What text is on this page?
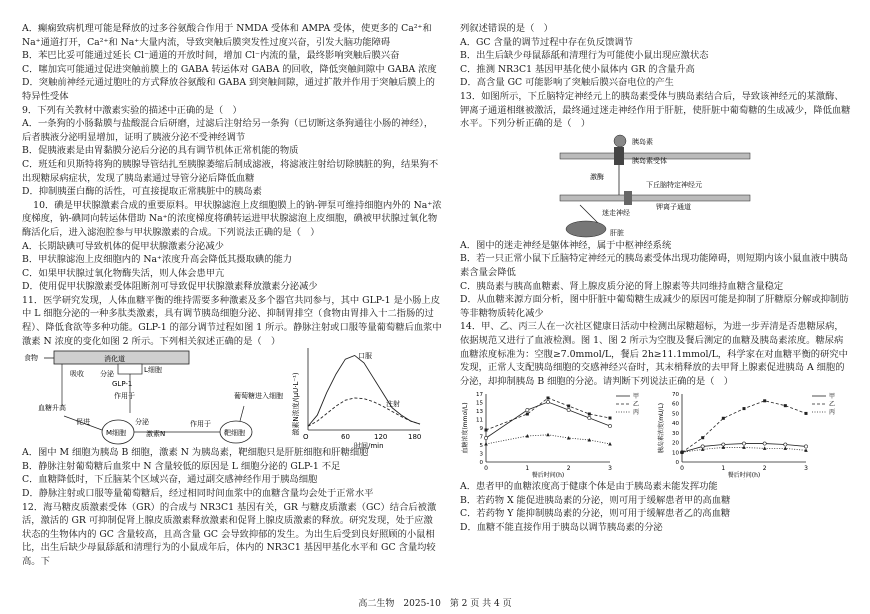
A．癫痫致病机理可能是释放的过多谷氨酸合作用于 NMDA 受体和 AMPA 受体，使更多的 Ca²⁺和 Na⁺通道打开，Ca²⁺和 Na⁺大量内流，导致突触后膜突发性过度兴奋，引发大脑功能障碍

B．苯巴比妥可能通过延长 Cl⁻通道的开放时间，增加 Cl⁻内流的量，最终影响突触后膜兴奋

C．噻加宾可能通过促进突触前膜上的 GABA 转运体对 GABA 的回收，降低突触间隙中 GABA 浓度

D．突触前神经元通过胞吐的方式释放谷氨酸和 GABA 到突触间隙，通过扩散并作用于突触后膜上的特异性受体

9．下列有关教材中激素实验的描述中正确的是（　）

A．一条狗的小肠黏膜与盐酸混合后研磨，过滤后注射给另一条狗（已切断这条狗通往小肠的神经），后者胰液分泌明显增加，证明了胰液分泌不受神经调节

B．促胰液素是由胃黏膜分泌后分泌的具有调节机体正常机能的物质

C．班廷和贝斯特将狗的胰腺导管结扎至胰腺萎缩后制成滤液，将滤液注射给切除胰脏的狗，结果狗不出现糖尿病症状，发现了胰岛素通过导管分泌后降低血糖

D．抑制胰蛋白酶的活性，可直接提取正常胰脏中的胰岛素

10．碘是甲状腺激素合成的重要原料。甲状腺滤泡上皮细胞膜上的钠-钾泵可维持细胞内外的 Na⁺浓度梯度，钠-碘同向转运体借助 Na⁺的浓度梯度将碘转运进甲状腺滤泡上皮细胞，碘被甲状腺过氧化物酶活化后，进入滤泡腔参与甲状腺激素的合成。下列说法正确的是（　）

A．长期缺碘可导致机体的促甲状腺激素分泌减少

B．甲状腺滤泡上皮细胞内的 Na⁺浓度升高会降低其摄取碘的能力

C．如果甲状腺过氧化物酶失活，则人体会患甲亢

D．使用促甲状腺激素受体阻断剂可导致促甲状腺激素释放激素分泌减少

11．医学研究发现，人体血糖平衡的维持需要多种激素及多个器官共同参与，其中 GLP-1 是小肠上皮中 L 细胞分泌的一种多肽类激素，具有调节胰岛细胞分泌、抑制胃排空（食物由胃排入十二指肠的过程）、降低食欲等多种功能。GLP-1 的部分调节过程如图 1 所示。静脉注射或口服等量葡萄糖后血浆中激素 N 浓度的变化如图 2 所示。下列相关叙述正确的是（　）

食物	消化道
L细胞
吸收 分泌
GLP-1
作用于
血糖升高
促进
M细胞
分泌
激素N
作用于
靶细胞
葡萄糖进入细胞 激素N浓度/(μU·L⁻¹)
口服
注射
O	60	120	180
时间/min

A．图中 M 细胞为胰岛 B 细胞，激素 N 为胰岛素，靶细胞只是肝脏细胞和肝糖细胞

B．静脉注射葡萄糖后血浆中 N 含量较低的原因是 L 细胞分泌的 GLP-1 不足

C．血糖降低时，下丘脑某个区域兴奋，通过副交感神经作用于胰岛细胞

D．静脉注射或口服等量葡萄糖后，经过相同时间血浆中的血糖含量均会处于正常水平

12．海马糖皮质激素受体（GR）的合成与 NR3C1 基因有关，GR 与糖皮质激素（GC）结合后被激活，激活的 GR 可抑制促肾上腺皮质激素释放激素和促肾上腺皮质激素的释放。研究发现，处于应激状态的生物体内的 GC 含量较高，且高含量 GC 会导致抑郁的发生。为出生后受到良好照顾的小鼠相比，出生后缺少母鼠舔舐和清理行为的小鼠成年后，体内的 NR3C1 基因甲基化水平和 GC 含量均较高。下

列叙述错误的是（　）

A．GC 含量的调节过程中存在负反馈调节

B．出生后缺少母鼠舔舐和清理行为可能使小鼠出现应激状态

C．推测 NR3C1 基因甲基化使小鼠体内 GR 的含量升高

D．高含量 GC 可能影响了突触后膜兴奋电位的产生

13．如图所示，下丘脑特定神经元上的胰岛素受体与胰岛素结合后，导致该神经元的某激酶、钾离子通道相继被激活，最终通过迷走神经作用于肝脏，使肝脏中葡萄糖的生成减少，降低血糖水平。下列分析正确的是（　）

胰岛素
胰岛素受体
激酶
下丘脑特定神经元
钾离子通道
迷走神经
肝脏

A．图中的迷走神经是躯体神经，属于中枢神经系统

B．若一只正常小鼠下丘脑特定神经元的胰岛素受体出现功能障碍，则短期内该小鼠血液中胰岛素含量会降低

C．胰岛素与胰高血糖素、肾上腺皮质分泌的肾上腺素等共同维持血糖含量稳定

D．从血糖来源方面分析，图中肝脏中葡萄糖生成减少的原因可能是抑制了肝糖原分解或抑制肪等非糖物质转化减少

14．甲、乙、丙三人在一次社区健康日活动中检测出尿糖超标，为进一步弄清是否患糖尿病，依据规范又进行了血液检测。图 1、图 2 所示为空腹及餐后测定的血糖及胰岛素浓度。糖尿病血糖浓度标准为：空腹≥7.0mmol/L，餐后 2h≥11.1mmol/L，科学家在对血糖平衡的研究中发现，正常人支配胰岛细胞的交感神经兴奋时，其末梢释放的去甲肾上腺素促进胰岛 A 细胞的分泌，却抑制胰岛 B 细胞的分泌。请判断下列说法正确的是（　）

血糖浓度(mmol/L)
0
3
5
7
9
11
13
15
17
0	1	2	3
餐后时间(h)
甲
乙
丙	胰岛素浓度(mU/L)
0
10
20
30
40
50
60
70
0	1	2	3
餐后时间(h)
甲
乙
丙

A．患者甲的血糖浓度高于健康个体是由于胰岛素未能发挥功能

B．若药物 X 能促进胰岛素的分泌，则可用于缓解患者甲的高血糖

C．若药物 Y 能抑制胰岛素的分泌，则可用于缓解患者乙的高血糖

D．血糖不能直接作用于胰岛以调节胰岛素的分泌

高二生物　2025-10　第 2 页 共 4 页
